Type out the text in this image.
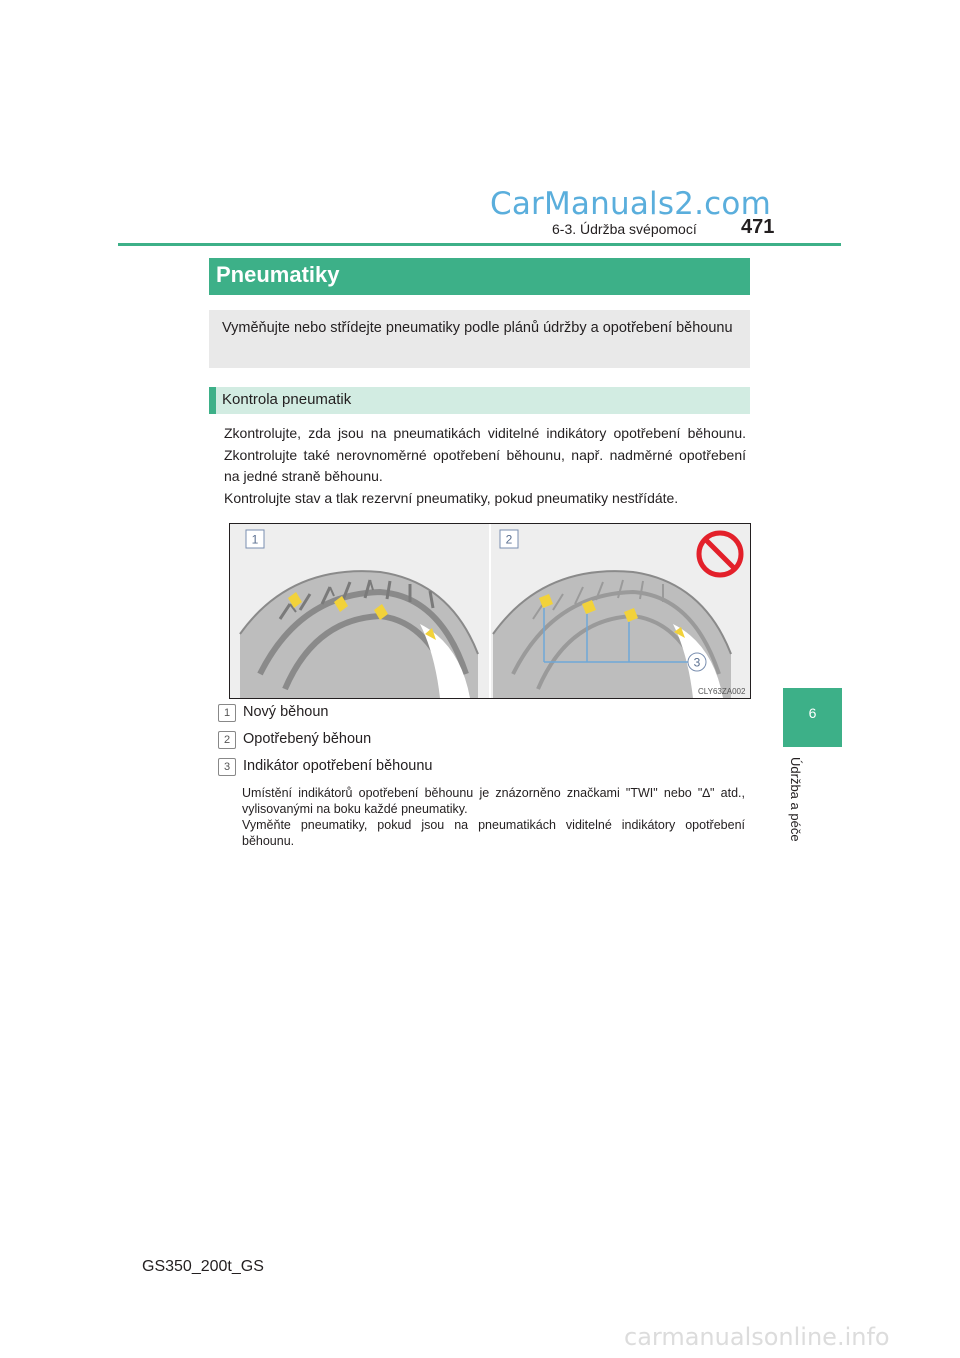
CarManuals2.com
6-3. Údržba svépomocí 471
6
Údržba a péče
Pneumatiky
Vyměňujte nebo střídejte pneumatiky podle plánů údržby a opotřebení běhounu
Kontrola pneumatik
Zkontrolujte, zda jsou na pneumatikách viditelné indikátory opotřebení běhounu. Zkontrolujte také nerovnoměrné opotřebení běhounu, např. nadměrné opotřebení na jedné straně běhounu.
Kontrolujte stav a tlak rezervní pneumatiky, pokud pneumatiky nestřídáte.
1	2
3
CLY63ZA002
1 Nový běhoun
2 Opotřebený běhoun
3 Indikátor opotřebení běhounu
Umístění indikátorů opotřebení běhounu je znázorněno značkami "TWI" nebo "∆" atd., vylisovanými na boku každé pneumatiky.
Vyměňte pneumatiky, pokud jsou na pneumatikách viditelné indikátory opotřebení běhounu.
GS350_200t_GS
carmanualsonline.info
